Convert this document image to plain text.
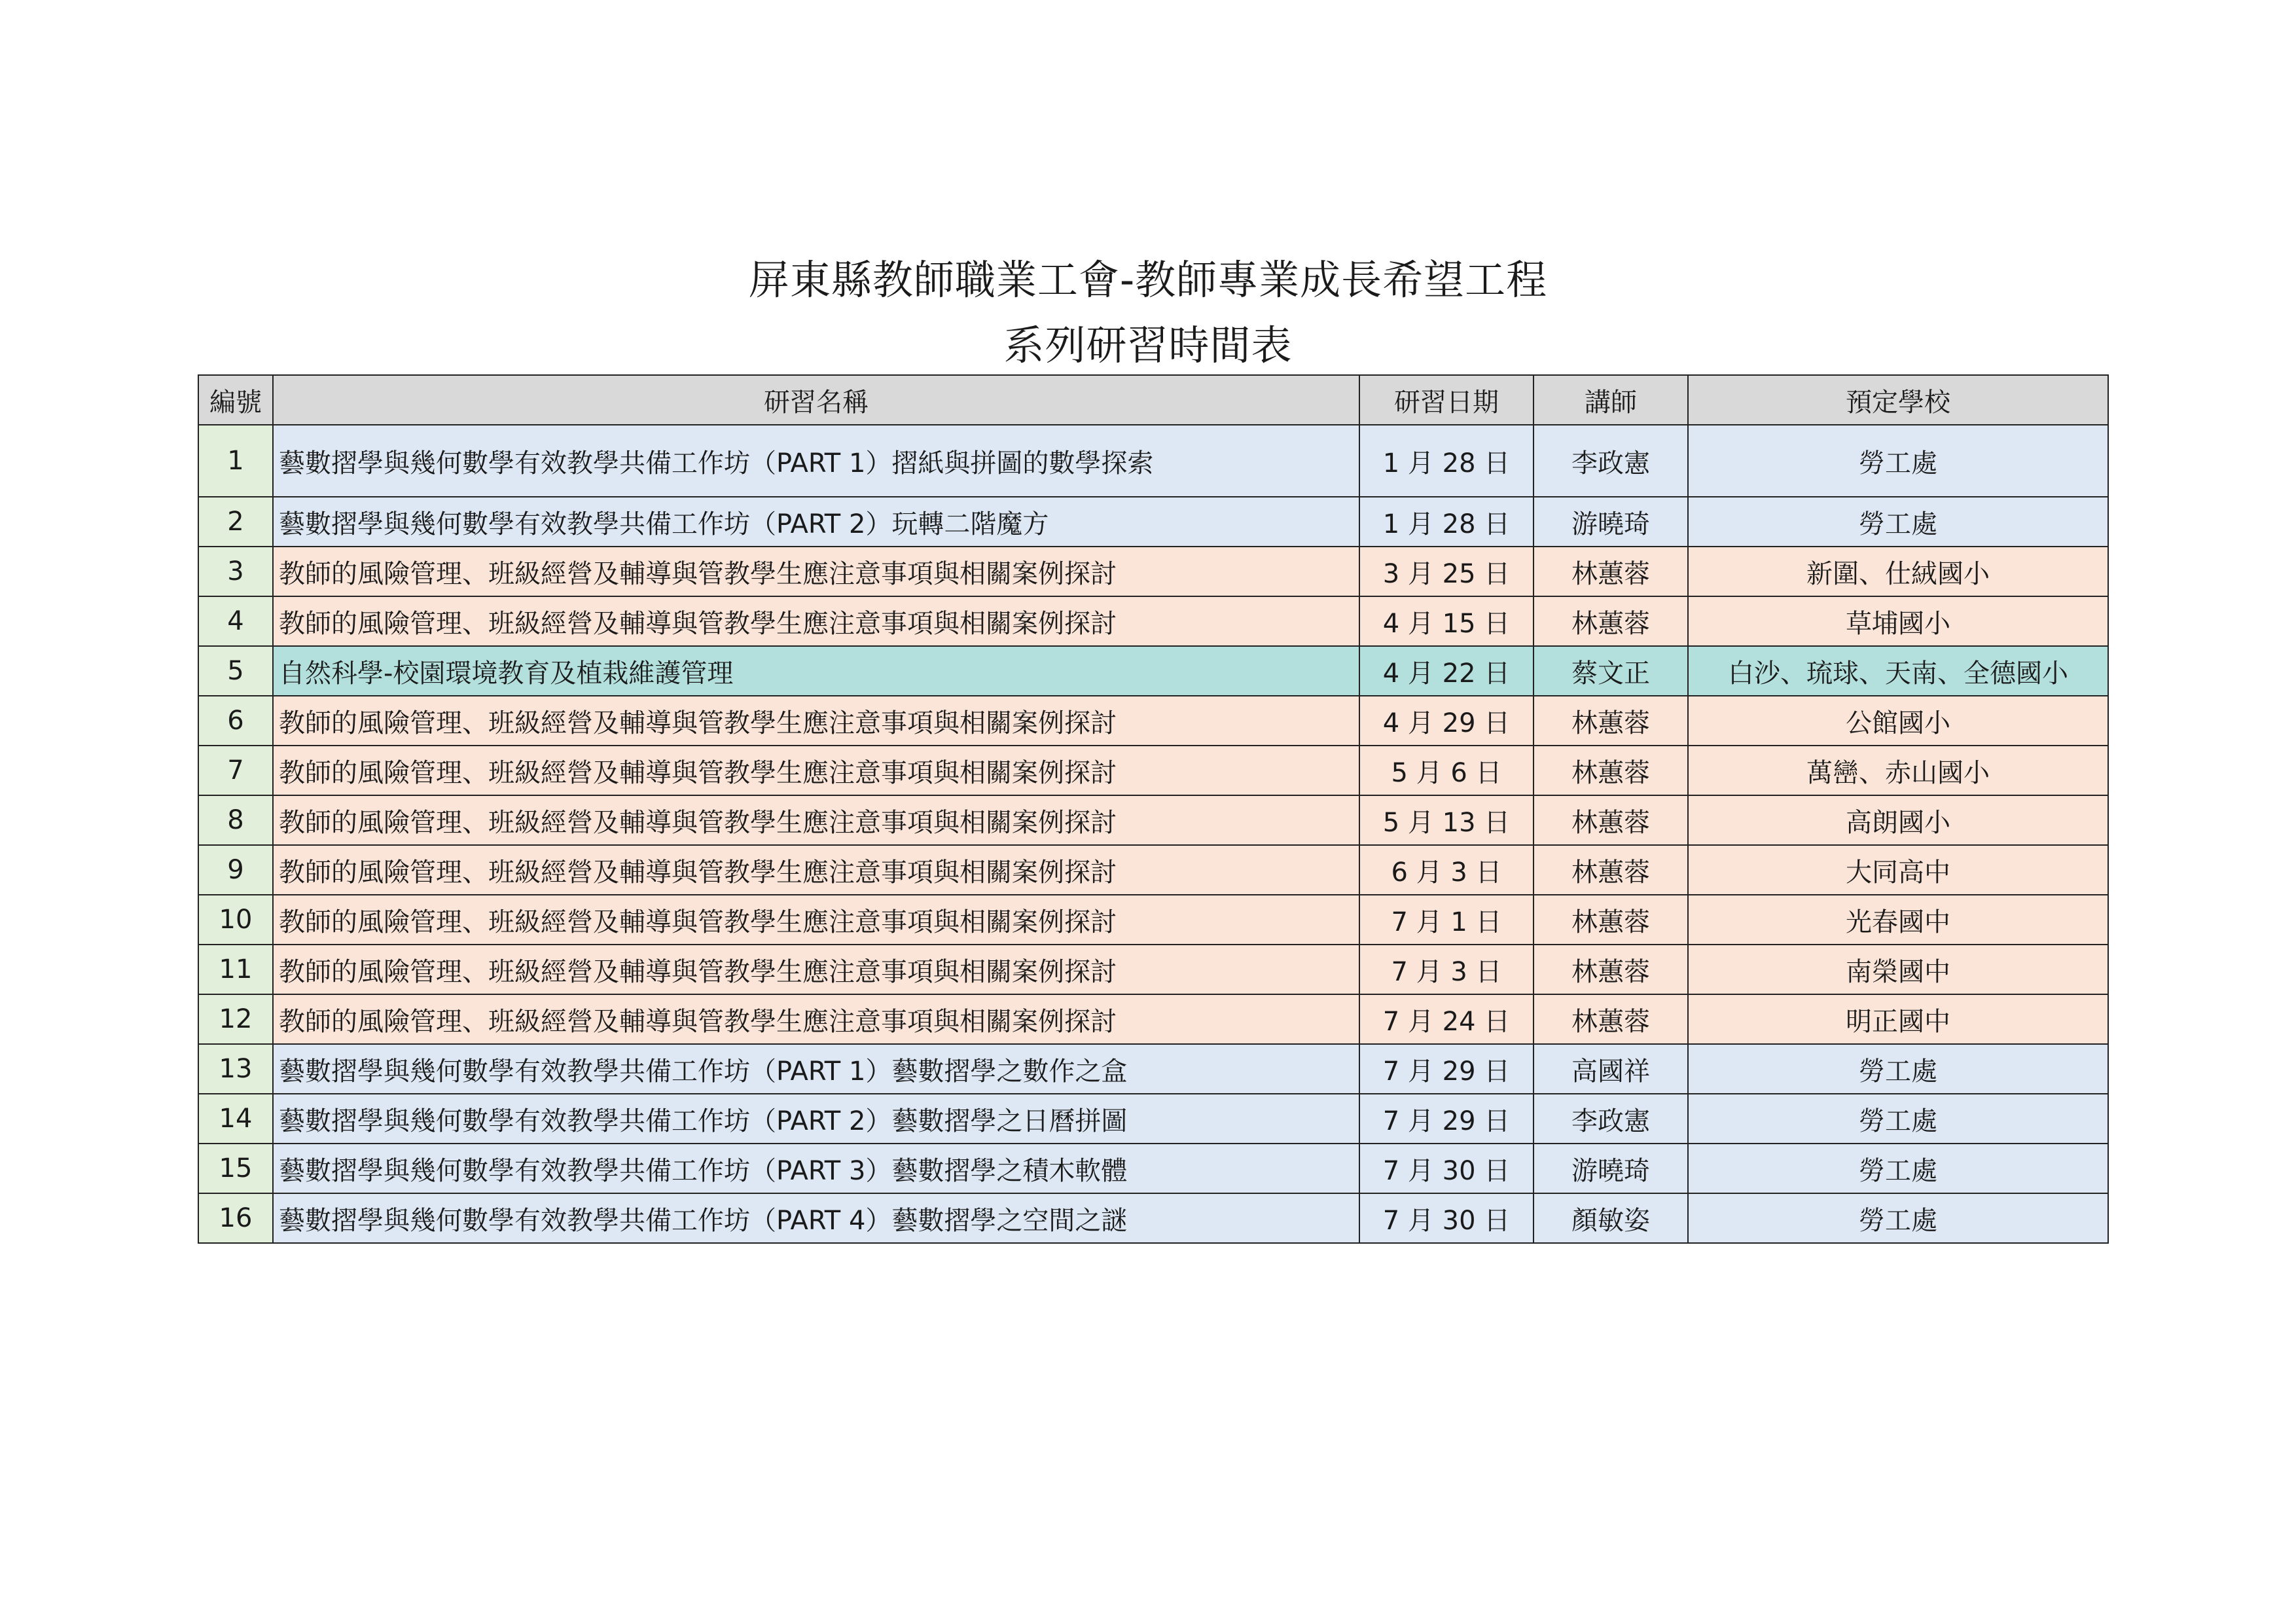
屏東縣教師職業工會-教師專業成長希望工程
系列研習時間表
編號	研習名稱	研習日期	講師	預定學校
1	藝數摺學與幾何數學有效教學共備工作坊（PART 1）摺紙與拼圖的數學探索	1 月 28 日	李政憲	勞工處
2	藝數摺學與幾何數學有效教學共備工作坊（PART 2）玩轉二階魔方	1 月 28 日	游曉琦	勞工處
3	教師的風險管理、班級經營及輔導與管教學生應注意事項與相關案例探討	3 月 25 日	林蕙蓉	新圍、仕絨國小
4	教師的風險管理、班級經營及輔導與管教學生應注意事項與相關案例探討	4 月 15 日	林蕙蓉	草埔國小
5	自然科學-校園環境教育及植栽維護管理	4 月 22 日	蔡文正	白沙、琉球、天南、全德國小
6	教師的風險管理、班級經營及輔導與管教學生應注意事項與相關案例探討	4 月 29 日	林蕙蓉	公館國小
7	教師的風險管理、班級經營及輔導與管教學生應注意事項與相關案例探討	5 月 6 日	林蕙蓉	萬巒、赤山國小
8	教師的風險管理、班級經營及輔導與管教學生應注意事項與相關案例探討	5 月 13 日	林蕙蓉	高朗國小
9	教師的風險管理、班級經營及輔導與管教學生應注意事項與相關案例探討	6 月 3 日	林蕙蓉	大同高中
10	教師的風險管理、班級經營及輔導與管教學生應注意事項與相關案例探討	7 月 1 日	林蕙蓉	光春國中
11	教師的風險管理、班級經營及輔導與管教學生應注意事項與相關案例探討	7 月 3 日	林蕙蓉	南榮國中
12	教師的風險管理、班級經營及輔導與管教學生應注意事項與相關案例探討	7 月 24 日	林蕙蓉	明正國中
13	藝數摺學與幾何數學有效教學共備工作坊（PART 1）藝數摺學之數作之盒	7 月 29 日	高國祥	勞工處
14	藝數摺學與幾何數學有效教學共備工作坊（PART 2）藝數摺學之日曆拼圖	7 月 29 日	李政憲	勞工處
15	藝數摺學與幾何數學有效教學共備工作坊（PART 3）藝數摺學之積木軟體	7 月 30 日	游曉琦	勞工處
16	藝數摺學與幾何數學有效教學共備工作坊（PART 4）藝數摺學之空間之謎	7 月 30 日	顏敏姿	勞工處
